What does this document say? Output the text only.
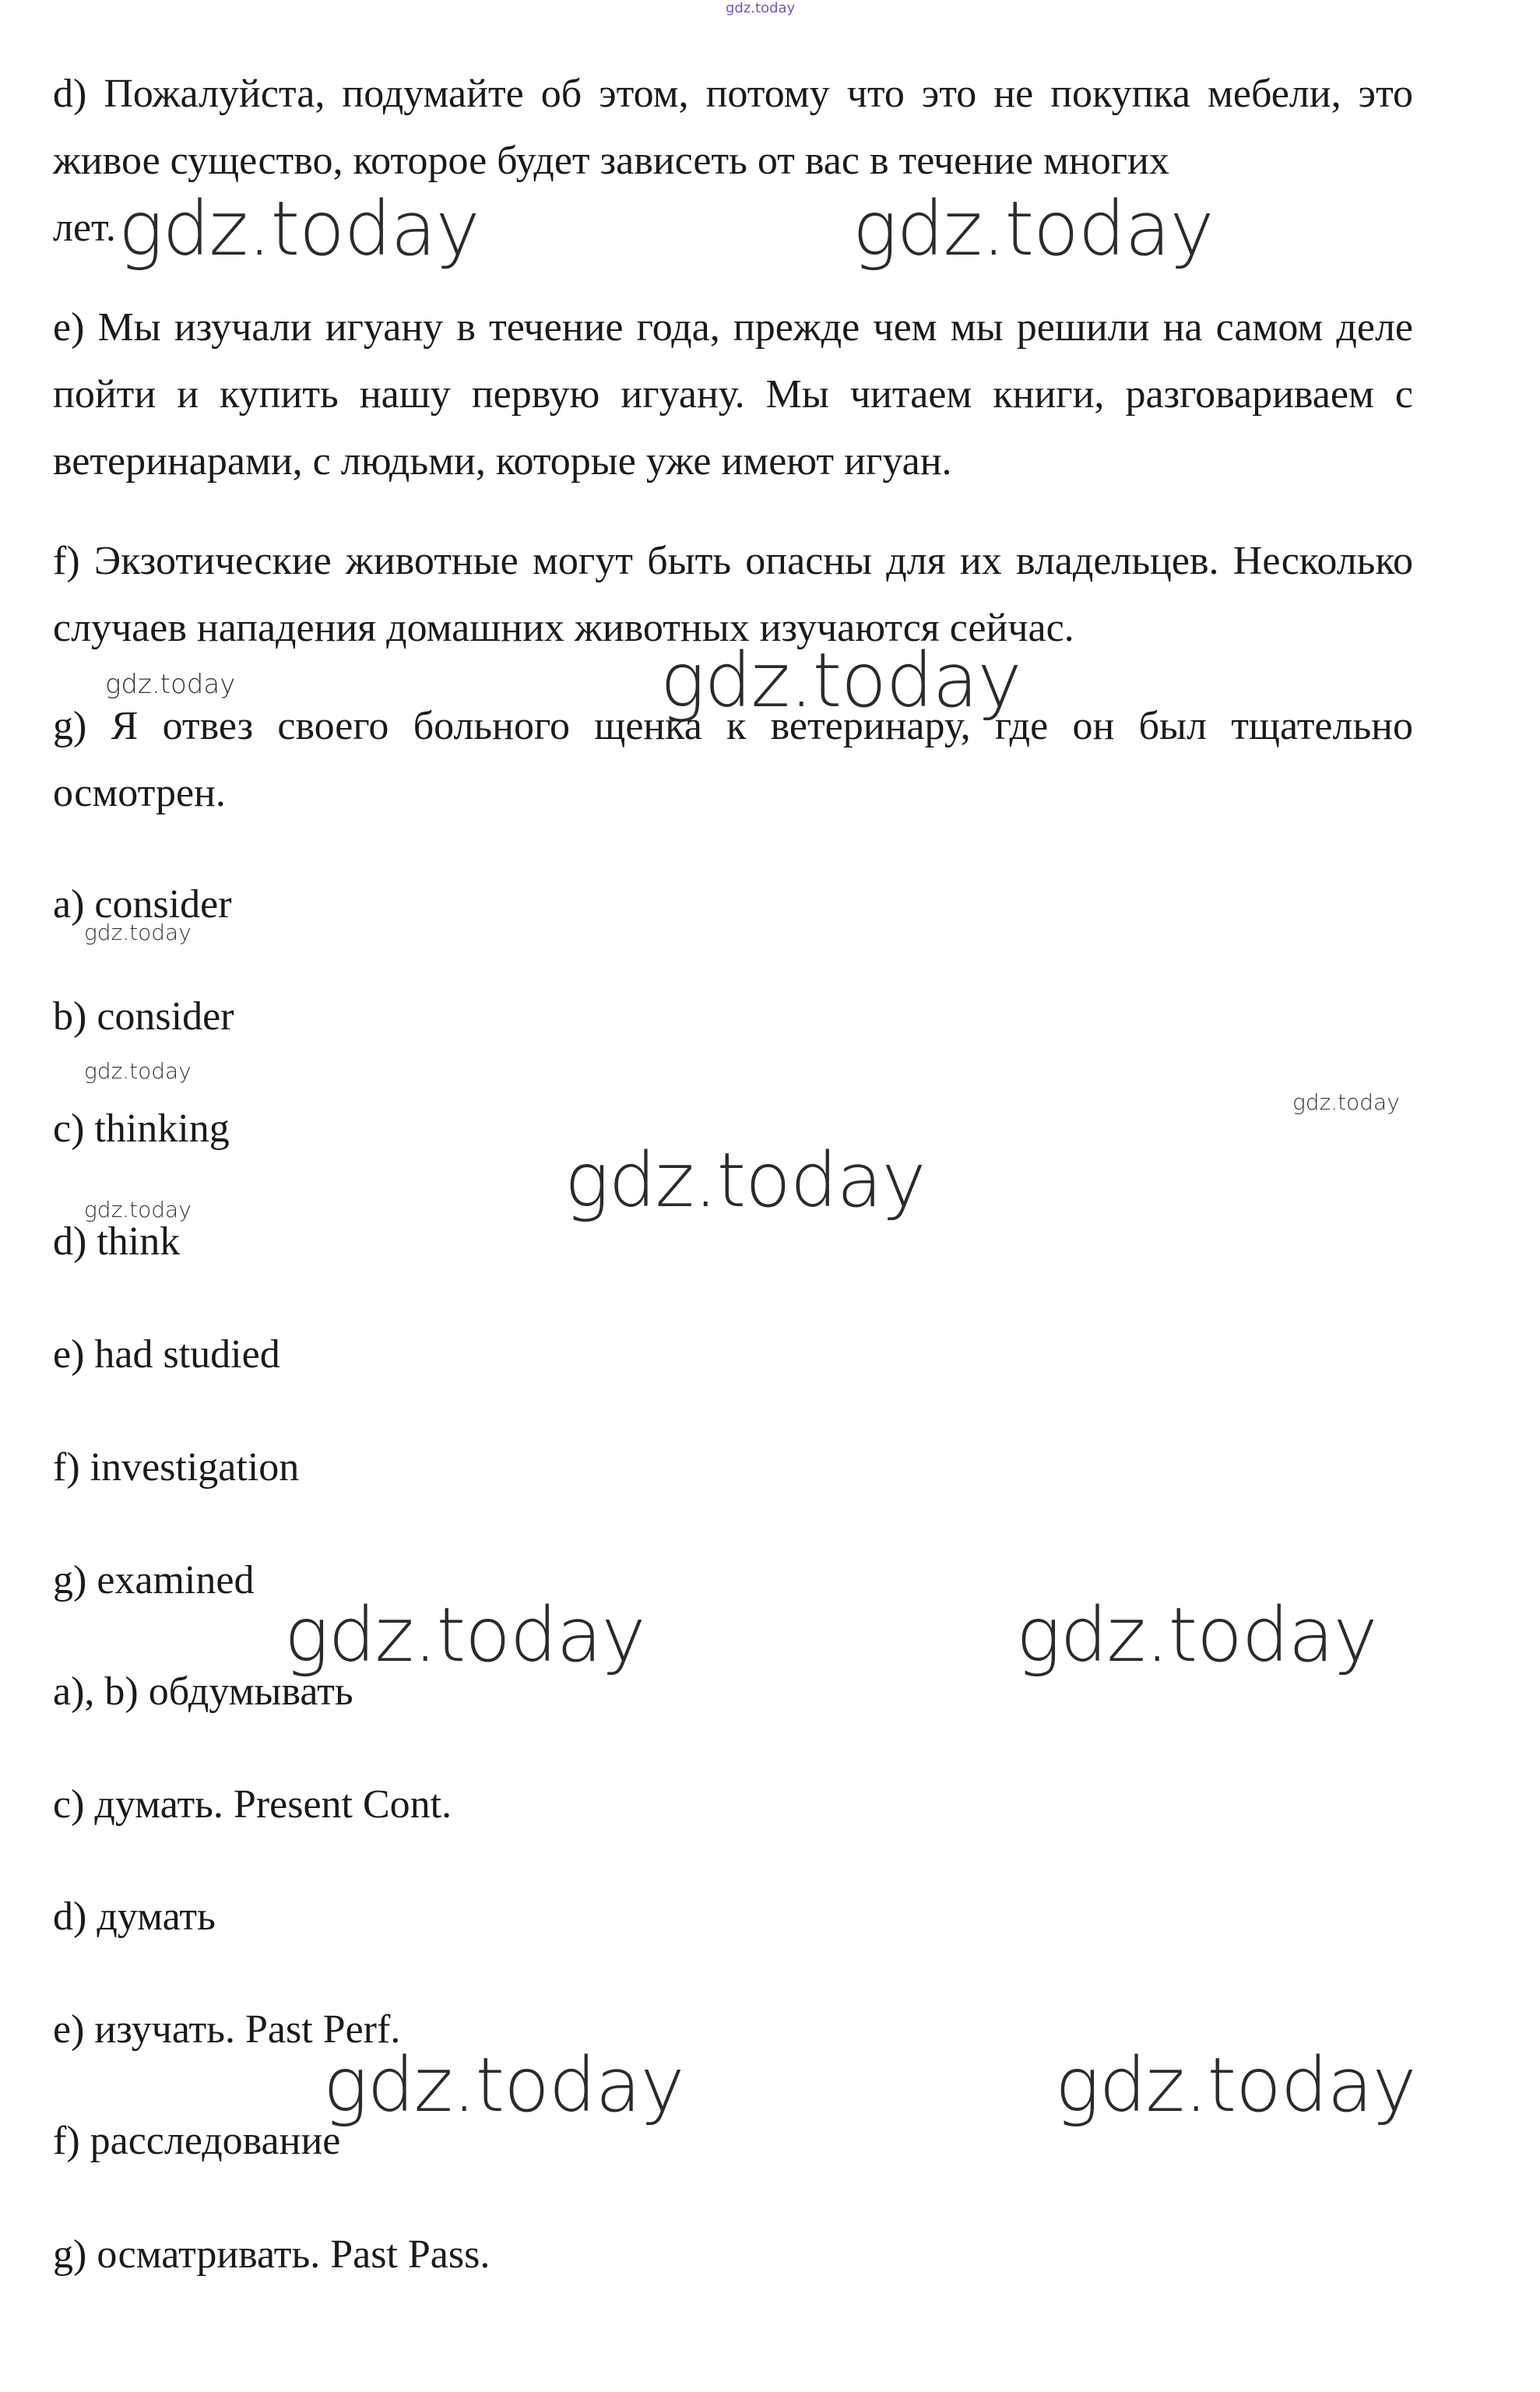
gdz.today

d) Пожалуйста, подумайте об этом, потому что это не покупка мебели, это живое существо, которое будет зависеть от вас в течение многих

лет. gdz.today	gdz.today

e) Мы изучали игуану в течение года, прежде чем мы решили на самом деле пойти и купить нашу первую игуану. Мы читаем книги, разговариваем с ветеринарами, с людьми, которые уже имеют игуан.

f) Экзотические животные могут быть опасны для их владельцев. Несколько случаев нападения домашних животных изучаются сейчас.

gdz.today	gdz.today

g) Я отвез своего больного щенка к ветеринару, где он был тщательно осмотрен.

a) consider
gdz.today
b) consider
gdz.today
gdz.today
c) thinking
gdz.today
gdz.today
d) think
e) had studied
f) investigation
g) examined
gdz.today	gdz.today
a), b) обдумывать
c) думать. Present Cont.
d) думать
e) изучать. Past Perf.
gdz.today	gdz.today
f) расследование
g) осматривать. Past Pass.
